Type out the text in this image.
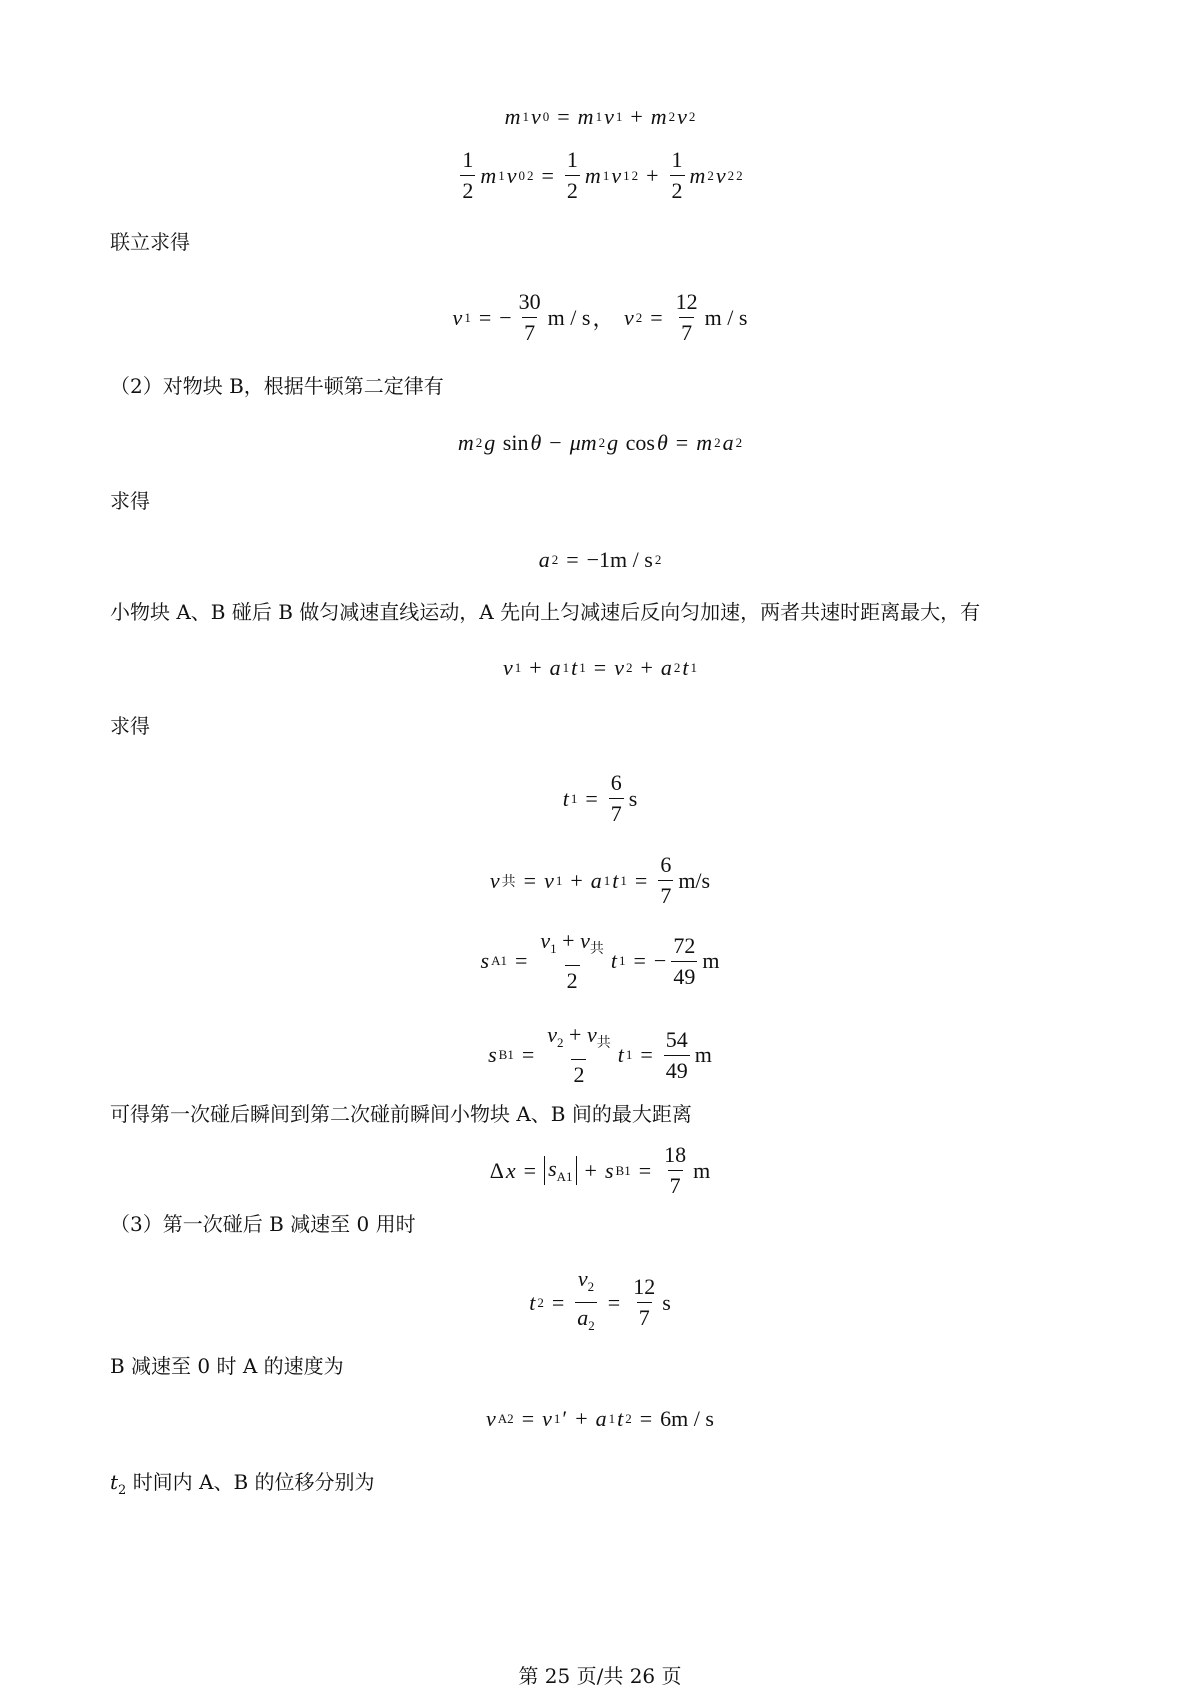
m 1 v 0 = m 1 v 1 + m 2 v 2
$\frac{1}{2}$ m 1 v 0 $2 = \frac{1}{2}$ m 1 v 1 $2 + \frac{1}{2}$ m 2 v 2 2
联立求得
v 1 = − $\frac{30}{7}$ m / s ，
v $2 = \frac{12}{7}$ m / s
（2）对物块 B，根据牛顿第二定律有
m 2 g sin θ − μm 2 g cos θ = m 2 a 2
求得
a 2 = −1m / s 2
小物块 A、B 碰后 B 做匀减速直线运动，A 先向上匀减速后反向匀加速，两者共速时距离最大，有
v 1 + a 1 t 1 = v 2 + a 2 t 1
求得
t $1 = \frac{6}{7}$ s
v 共 = v 1 + a 1 t $1 = \frac{6}{7} m/s$
s $A1 = \frac{v_1 + v_共}{2}$ t 1 = − $\frac{72}{49}$ m
s $B1 = \frac{v_2 + v_共}{2}$ t $1 = \frac{54}{49}$ m
可得第一次碰后瞬间到第二次碰前瞬间小物块 A、B 间的最大距离
Δ $x = s_{A1} + s$ $B1 = \frac{18}{7}$ m
（3）第一次碰后 B 减速至 0 用时
t $2 = \frac{v_2}{a_2} = \frac{12}{7}$ s
B 减速至 0 时 A 的速度为
v A2 = v 1 ′ + a 1 t 2 = 6m / s
$t_2$ 时间内 A、B 的位移分别为
第 25 页/共 26 页
